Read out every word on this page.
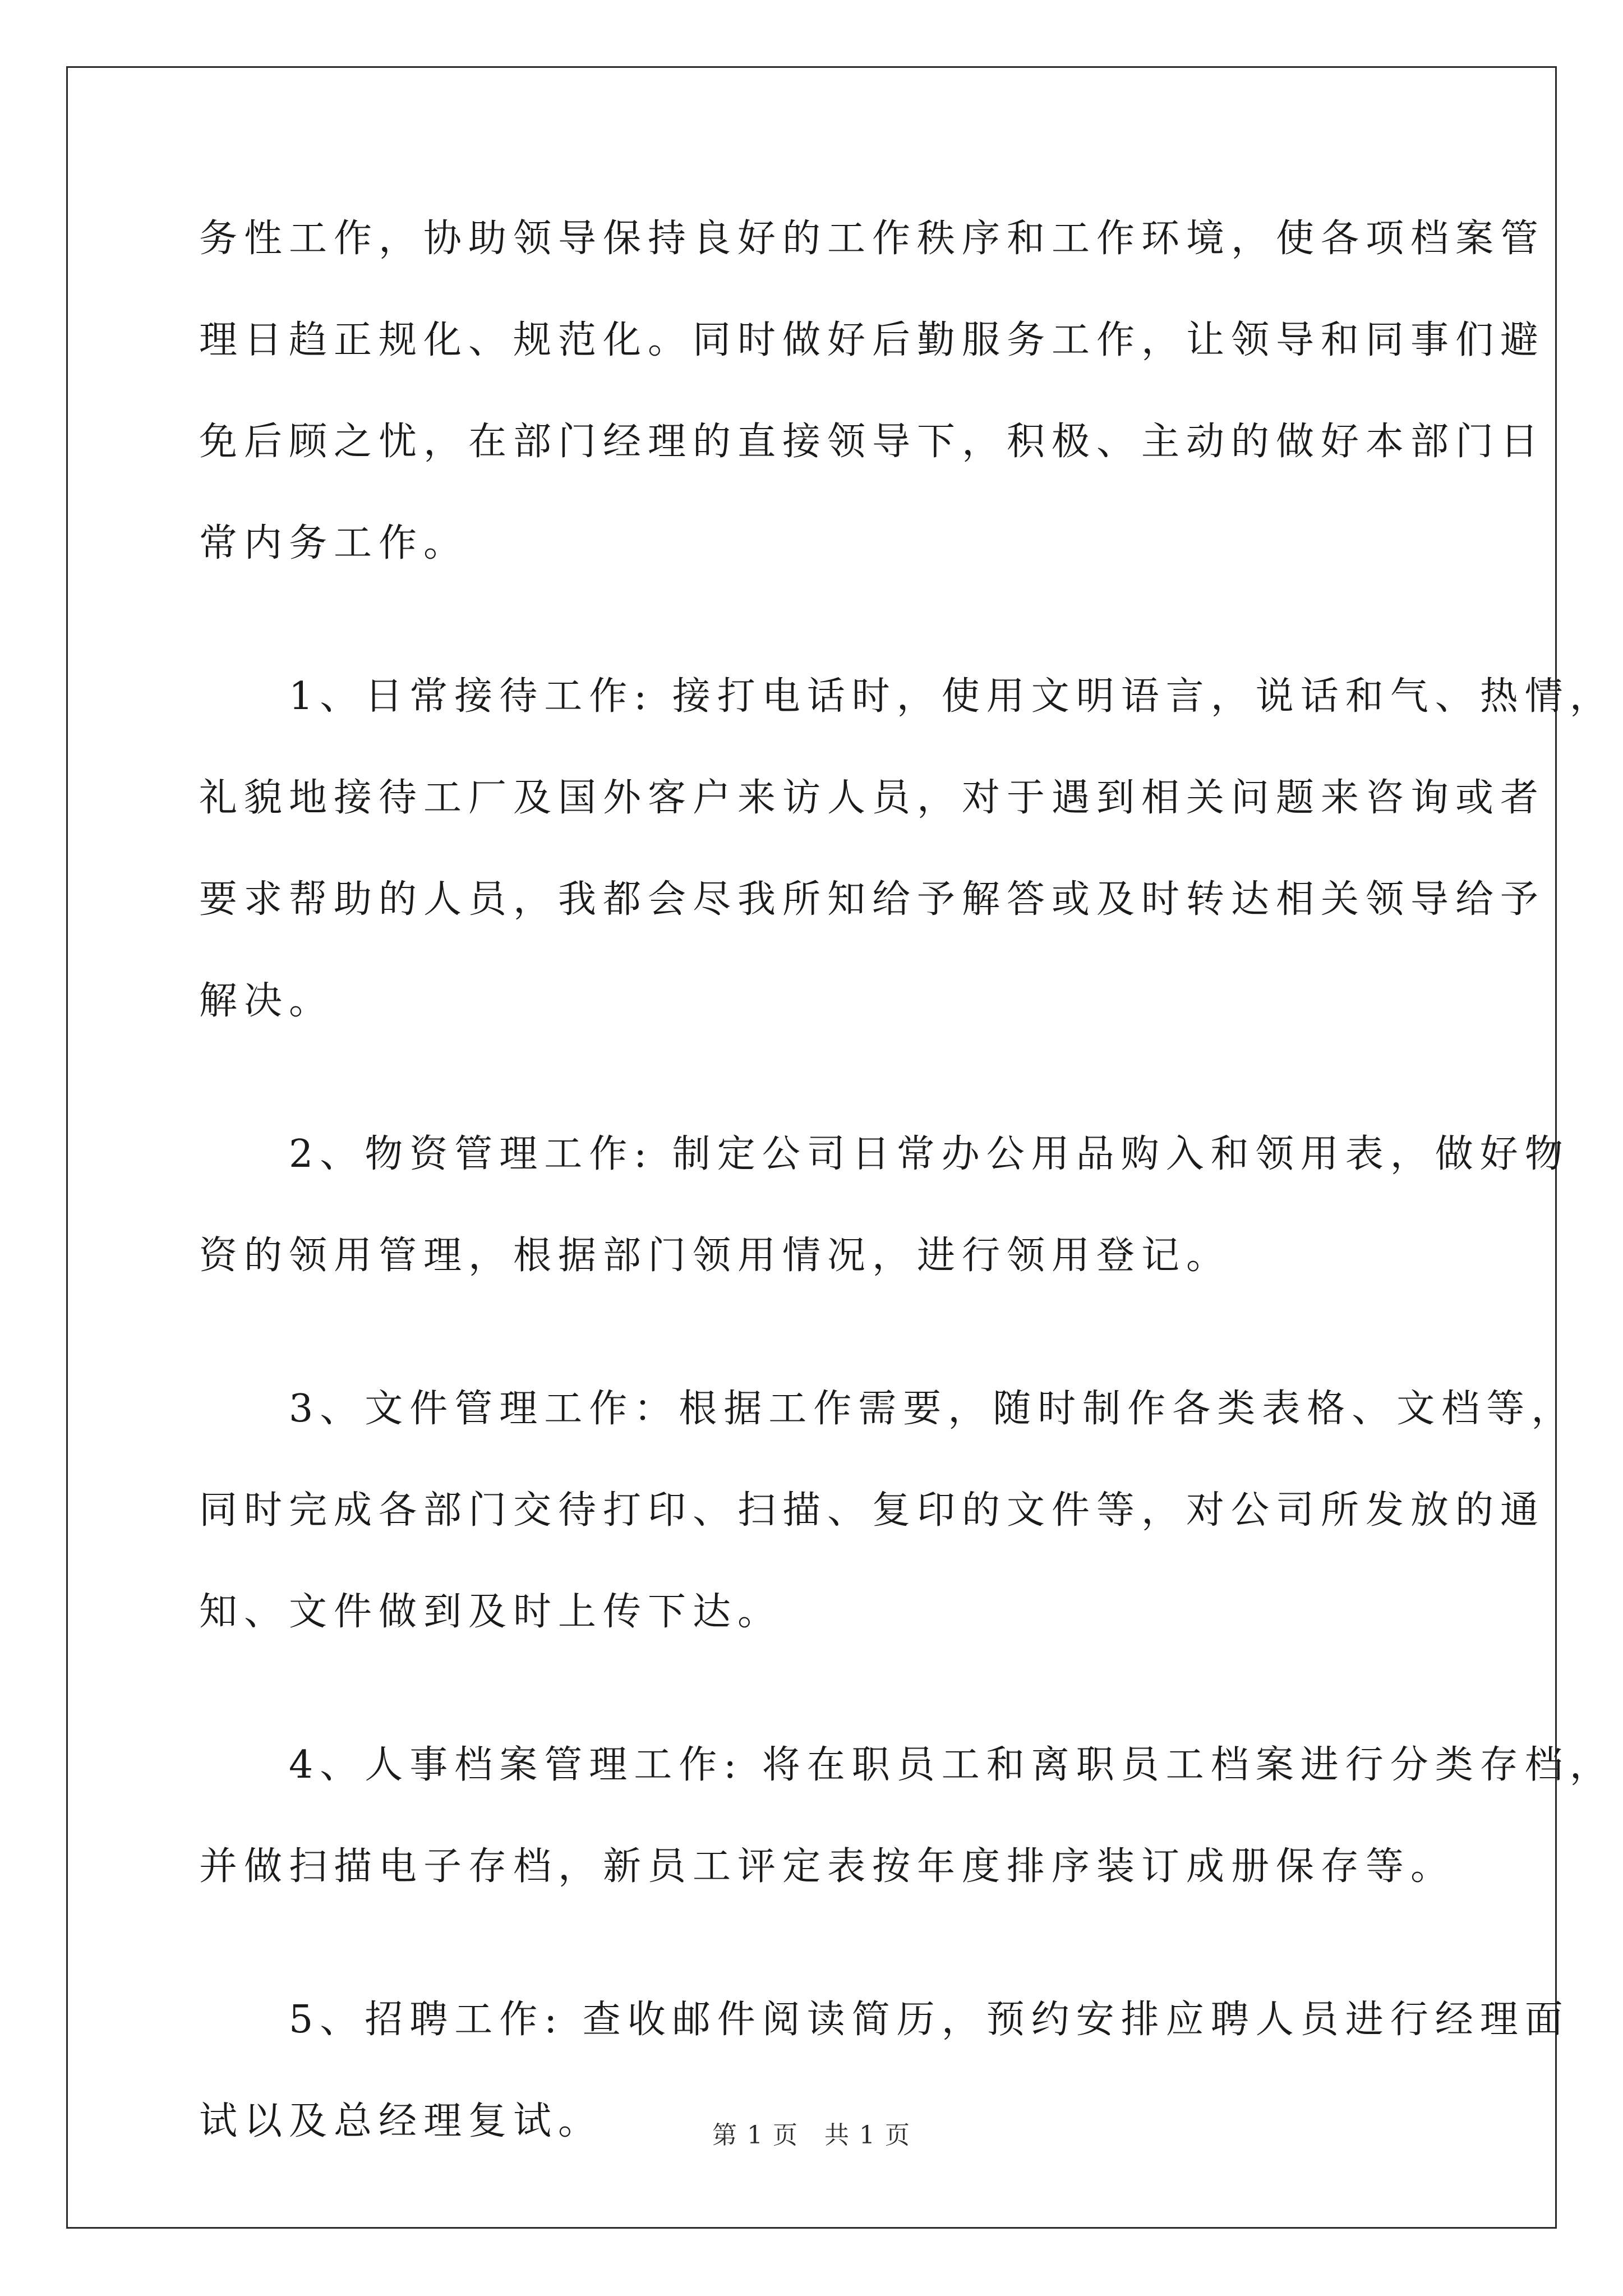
务性工作，协助领导保持良好的工作秩序和工作环境，使各项档案管
理日趋正规化、规范化。同时做好后勤服务工作，让领导和同事们避
免后顾之忧，在部门经理的直接领导下，积极、主动的做好本部门日
常内务工作。
　　1、日常接待工作: 接打电话时，使用文明语言，说话和气、热情，
礼貌地接待工厂及国外客户来访人员，对于遇到相关问题来咨询或者
要求帮助的人员，我都会尽我所知给予解答或及时转达相关领导给予
解决。
　　2、物资管理工作: 制定公司日常办公用品购入和领用表，做好物
资的领用管理，根据部门领用情况，进行领用登记。
　　3、文件管理工作：根据工作需要，随时制作各类表格、文档等，
同时完成各部门交待打印、扫描、复印的文件等，对公司所发放的通
知、文件做到及时上传下达。
　　4、人事档案管理工作: 将在职员工和离职员工档案进行分类存档，
并做扫描电子存档，新员工评定表按年度排序装订成册保存等。
　　5、招聘工作: 查收邮件阅读简历，预约安排应聘人员进行经理面
试以及总经理复试。	第 1 页　共 1 页
